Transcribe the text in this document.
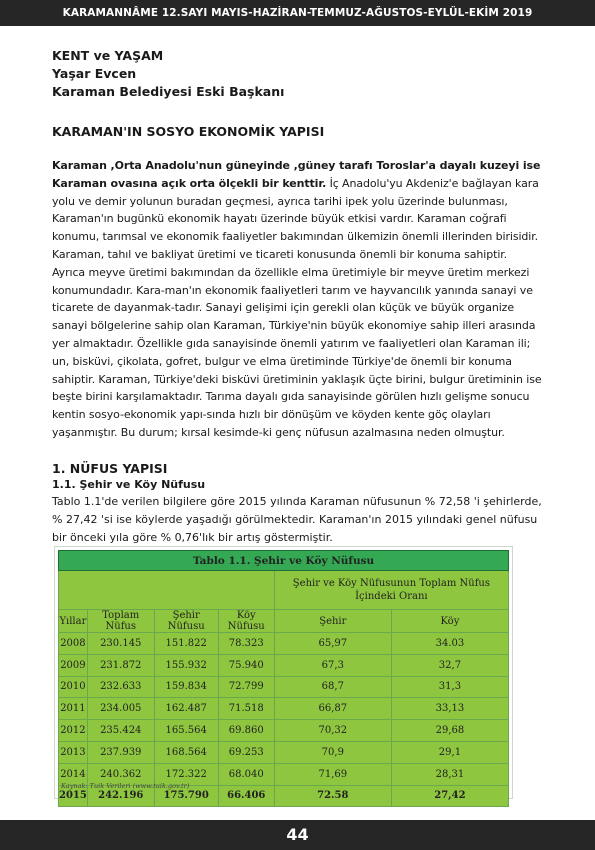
KARAMANNÂME 12.SAYI MAYIS-HAZİRAN-TEMMUZ-AĞUSTOS-EYLÜL-EKİM 2019

KENT ve YAŞAM

Yaşar Evcen

Karaman Belediyesi Eski Başkanı

KARAMAN'IN SOSYO EKONOMİK YAPISI

Karaman ,Orta Anadolu'nun güneyinde ,güney tarafı Toroslar'a dayalı kuzeyi ise Karaman ovasına açık orta ölçekli bir kenttir. İç Anadolu'yu Akdeniz'e bağlayan kara yolu ve demir yolunun buradan geçmesi, ayrıca tarihi ipek yolu üzerinde bulunması, Karaman'ın bugünkü ekonomik hayatı üzerinde büyük etkisi vardır. Karaman coğrafi konumu, tarımsal ve ekonomik faaliyetler bakımından ülkemizin önemli illerinden birisidir. Karaman, tahıl ve bakliyat üretimi ve ticareti konusunda önemli bir konuma sahiptir. Ayrıca meyve üretimi bakımından da özellikle elma üretimiyle bir meyve üretim merkezi konumundadır. Kara-man'ın ekonomik faaliyetleri tarım ve hayvancılık yanında sanayi ve ticarete de dayanmak-tadır. Sanayi gelişimi için gerekli olan küçük ve büyük organize sanayi bölgelerine sahip olan Karaman, Türkiye'nin büyük ekonomiye sahip illeri arasında yer almaktadır. Özellikle gıda sanayisinde önemli yatırım ve faaliyetleri olan Karaman ili; un, bisküvi, çikolata, gofret, bulgur ve elma üretiminde Türkiye'de önemli bir konuma sahiptir. Karaman, Türkiye'deki bisküvi üretiminin yaklaşık üçte birini, bulgur üretiminin ise beşte birini karşılamaktadır. Tarıma dayalı gıda sanayisinde görülen hızlı gelişme sonucu kentin sosyo-ekonomik yapı-sında hızlı bir dönüşüm ve köyden kente göç olayları yaşanmıştır. Bu durum; kırsal kesimde-ki genç nüfusun azalmasına neden olmuştur.

1. NÜFUS YAPISI

1.1. Şehir ve Köy Nüfusu

Tablo 1.1'de verilen bilgilere göre 2015 yılında Karaman nüfusunun % 72,58 'i şehirlerde, % 27,42 'si ise köylerde yaşadığı görülmektedir. Karaman'ın 2015 yılındaki genel nüfusu bir önceki yıla göre % 0,76'lık bir artış göstermiştir.

Tablo 1.1. Şehir ve Köy Nüfusu					
				Şehir ve Köy Nüfusunun Toplam Nüfus İçindeki Oranı	
Yıllar	Toplam Nüfus	Şehir Nüfusu	Köy Nüfusu	Şehir	Köy
2008	230.145	151.822	78.323	65,97	34.03
2009	231.872	155.932	75.940	67,3	32,7
2010	232.633	159.834	72.799	68,7	31,3
2011	234.005	162.487	71.518	66,87	33,13
2012	235.424	165.564	69.860	70,32	29,68
2013	237.939	168.564	69.253	70,9	29,1
2014	240.362	172.322	68.040	71,69	28,31
2015	242.196	175.790	66.406	72.58	27,42
Kaynak: Tuik Verileri (www.tuik.gov.tr)
44
